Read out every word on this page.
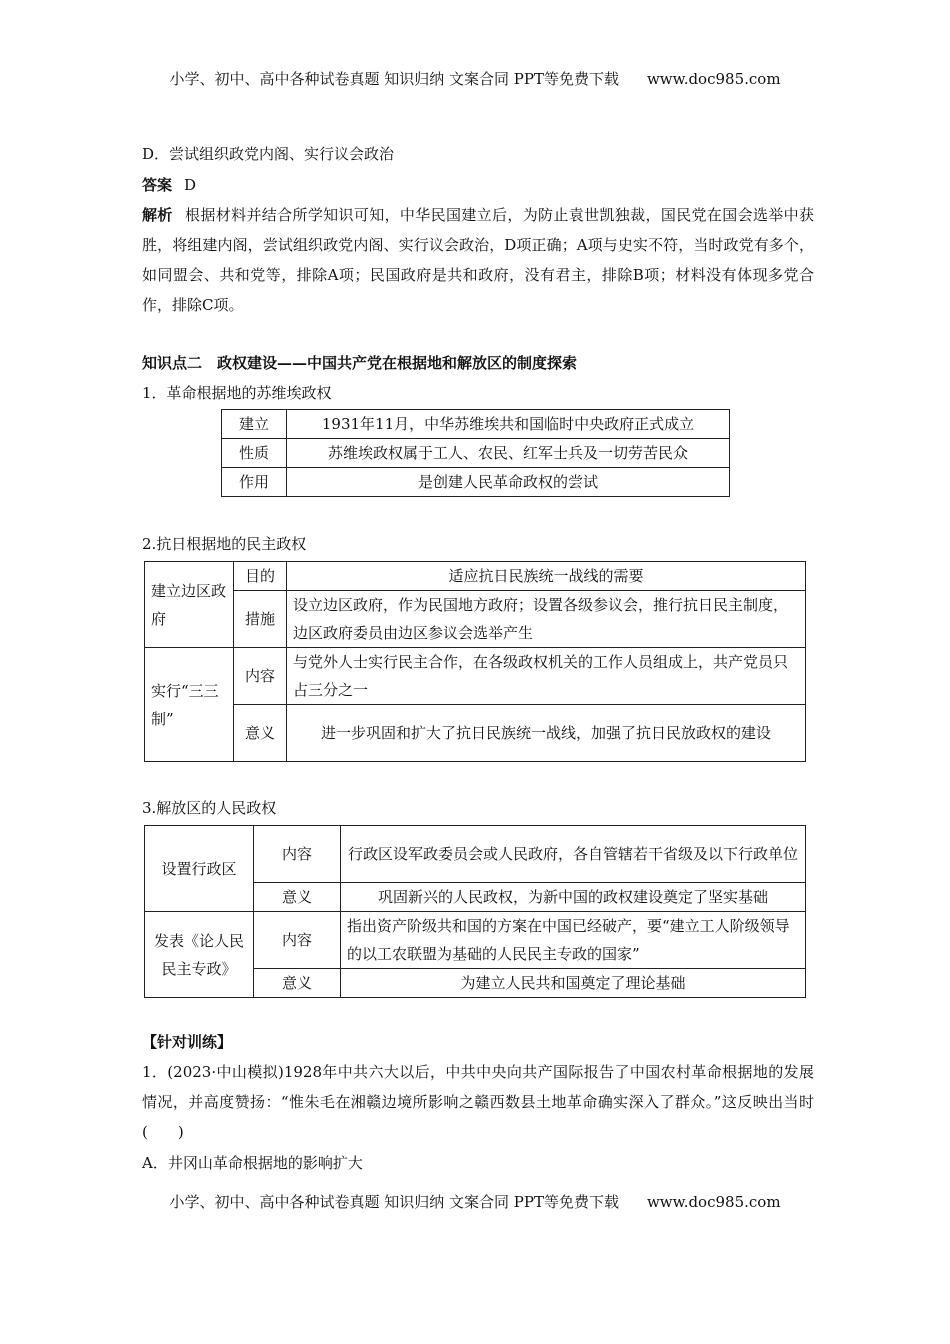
小学、初中、高中各种试卷真题 知识归纳 文案合同 PPT等免费下载 www.doc985.com
D．尝试组织政党内阁、实行议会政治
答案 D
解析 根据材料并结合所学知识可知，中华民国建立后，为防止袁世凯独裁，国民党在国会选举中获胜，将组建内阁，尝试组织政党内阁、实行议会政治，D项正确；A项与史实不符，当时政党有多个，如同盟会、共和党等，排除A项；民国政府是共和政府，没有君主，排除B项；材料没有体现多党合作，排除C项。
知识点二　政权建设——中国共产党在根据地和解放区的制度探索
1．革命根据地的苏维埃政权
建立	1931年11月，中华苏维埃共和国临时中央政府正式成立
性质	苏维埃政权属于工人、农民、红军士兵及一切劳苦民众
作用	是创建人民革命政权的尝试
2.抗日根据地的民主政权
建立边区政府	目的	适应抗日民族统一战线的需要
	措施	设立边区政府，作为民国地方政府；设置各级参议会，推行抗日民主制度，边区政府委员由边区参议会选举产生
实行“三三制”	内容	与党外人士实行民主合作，在各级政权机关的工作人员组成上，共产党员只占三分之一
	意义	进一步巩固和扩大了抗日民族统一战线，加强了抗日民放政权的建设
3.解放区的人民政权
设置行政区	内容	行政区设军政委员会或人民政府，各自管辖若干省级及以下行政单位
	意义	巩固新兴的人民政权，为新中国的政权建设奠定了坚实基础
发表《论人民民主专政》	内容	指出资产阶级共和国的方案在中国已经破产，要“建立工人阶级领导的以工农联盟为基础的人民民主专政的国家”
	意义	为建立人民共和国奠定了理论基础
【针对训练】
1．(2023·中山模拟)1928年中共六大以后，中共中央向共产国际报告了中国农村革命根据地的发展情况，并高度赞扬：“惟朱毛在湘赣边境所影响之赣西数县土地革命确实深入了群众。”这反映出当时(　　)
A．井冈山革命根据地的影响扩大
小学、初中、高中各种试卷真题 知识归纳 文案合同 PPT等免费下载 www.doc985.com
